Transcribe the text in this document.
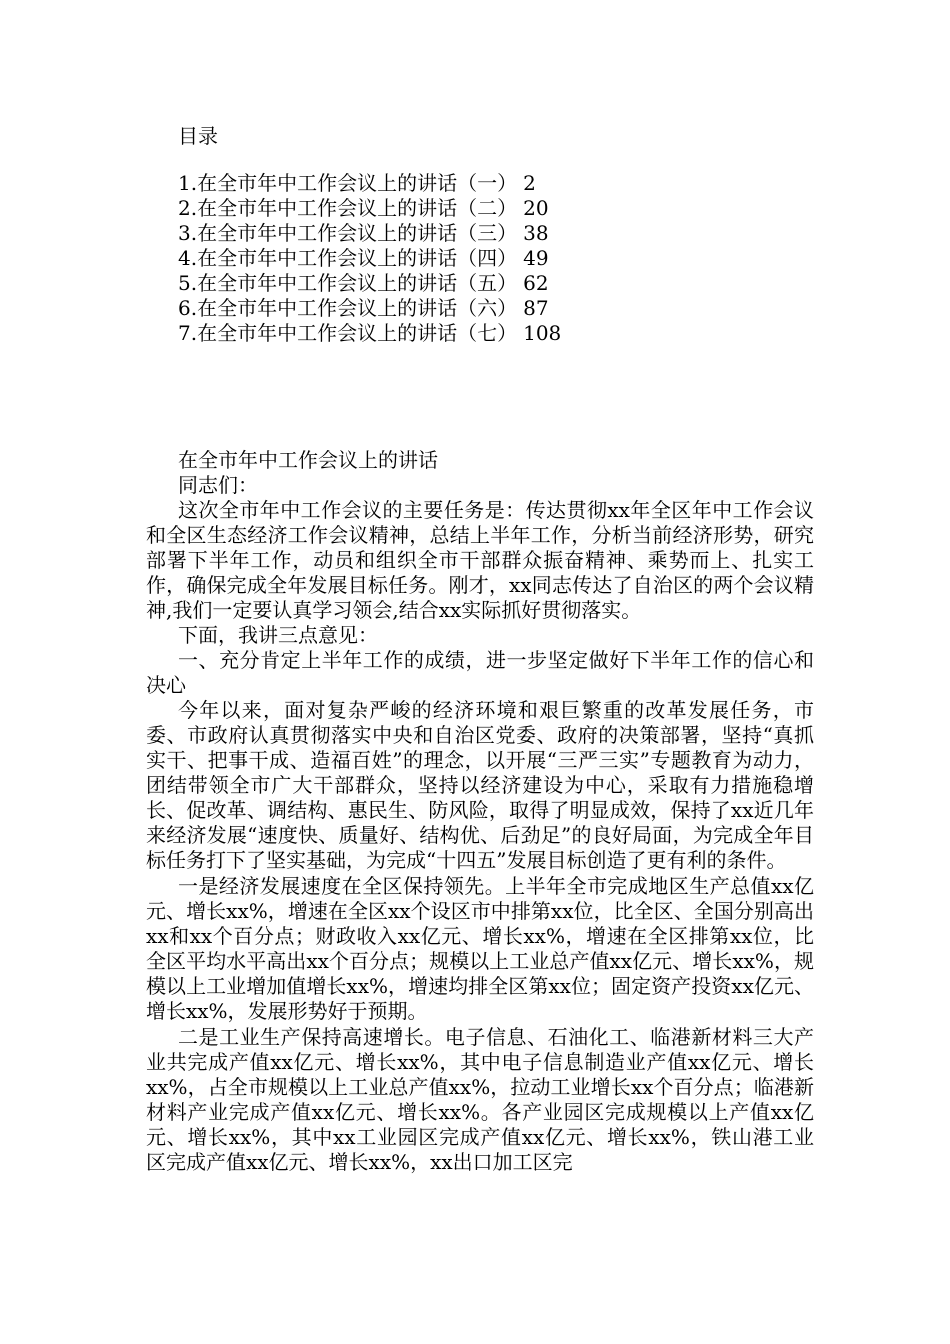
目录
1.在全市年中工作会议上的讲话（一） 2
2.在全市年中工作会议上的讲话（二） 20
3.在全市年中工作会议上的讲话（三） 38
4.在全市年中工作会议上的讲话（四） 49
5.在全市年中工作会议上的讲话（五） 62
6.在全市年中工作会议上的讲话（六） 87
7.在全市年中工作会议上的讲话（七） 108

在全市年中工作会议上的讲话

同志们：

这次全市年中工作会议的主要任务是：传达贯彻xx年全区年中工作会议和全区生态经济工作会议精神，总结上半年工作，分析当前经济形势，研究部署下半年工作，动员和组织全市干部群众振奋精神、乘势而上、扎实工作，确保完成全年发展目标任务。刚才，xx同志传达了自治区的两个会议精神,我们一定要认真学习领会,结合xx实际抓好贯彻落实。

下面，我讲三点意见：

一、充分肯定上半年工作的成绩，进一步坚定做好下半年工作的信心和决心

今年以来，面对复杂严峻的经济环境和艰巨繁重的改革发展任务，市委、市政府认真贯彻落实中央和自治区党委、政府的决策部署，坚持“真抓实干、把事干成、造福百姓”的理念，以开展“三严三实”专题教育为动力，团结带领全市广大干部群众，坚持以经济建设为中心，采取有力措施稳增长、促改革、调结构、惠民生、防风险，取得了明显成效，保持了xx近几年来经济发展“速度快、质量好、结构优、后劲足”的良好局面，为完成全年目标任务打下了坚实基础，为完成“十四五”发展目标创造了更有利的条件。

一是经济发展速度在全区保持领先。上半年全市完成地区生产总值xx亿元、增长xx%，增速在全区xx个设区市中排第xx位，比全区、全国分别高出xx和xx个百分点；财政收入xx亿元、增长xx%，增速在全区排第xx位，比全区平均水平高出xx个百分点；规模以上工业总产值xx亿元、增长xx%，规模以上工业增加值增长xx%，增速均排全区第xx位；固定资产投资xx亿元、增长xx%，发展形势好于预期。

二是工业生产保持高速增长。电子信息、石油化工、临港新材料三大产业共完成产值xx亿元、增长xx%，其中电子信息制造业产值xx亿元、增长xx%，占全市规模以上工业总产值xx%，拉动工业增长xx个百分点；临港新材料产业完成产值xx亿元、增长xx%。各产业园区完成规模以上产值xx亿元、增长xx%，其中xx工业园区完成产值xx亿元、增长xx%，铁山港工业区完成产值xx亿元、增长xx%，xx出口加工区完
